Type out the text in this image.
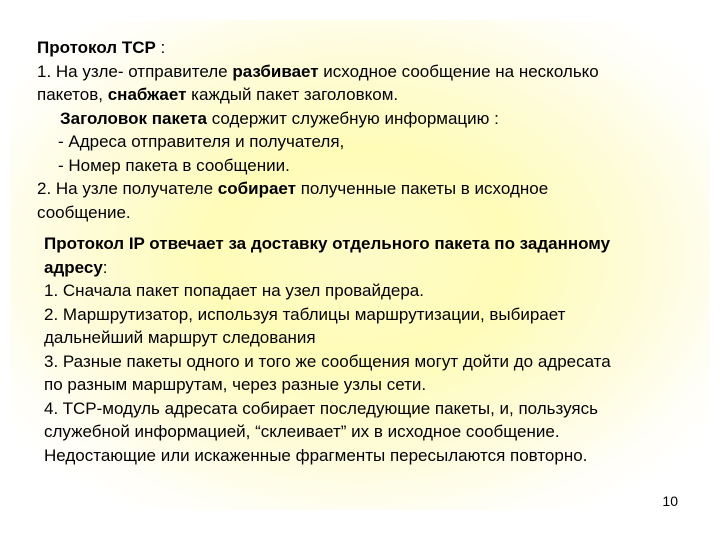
Протокол TCP :
1. На узле- отправителе разбивает исходное сообщение на несколько
пакетов, снабжает каждый пакет заголовком.
Заголовок пакета содержит служебную информацию :
- Адреса отправителя и получателя,
- Номер пакета в сообщении.
2. На узле получателе собирает полученные пакеты в исходное
сообщение.
Протокол IP отвечает за доставку отдельного пакета по заданному
адресу:
1. Сначала пакет попадает на узел провайдера.
2. Маршрутизатор, используя таблицы маршрутизации, выбирает
дальнейший маршрут следования
3. Разные пакеты одного и того же сообщения могут дойти до адресата
по разным маршрутам, через разные узлы сети.
4. TCP-модуль адресата собирает последующие пакеты, и, пользуясь
служебной информацией, “склеивает” их в исходное сообщение.
Недостающие или искаженные фрагменты пересылаются повторно.
10
